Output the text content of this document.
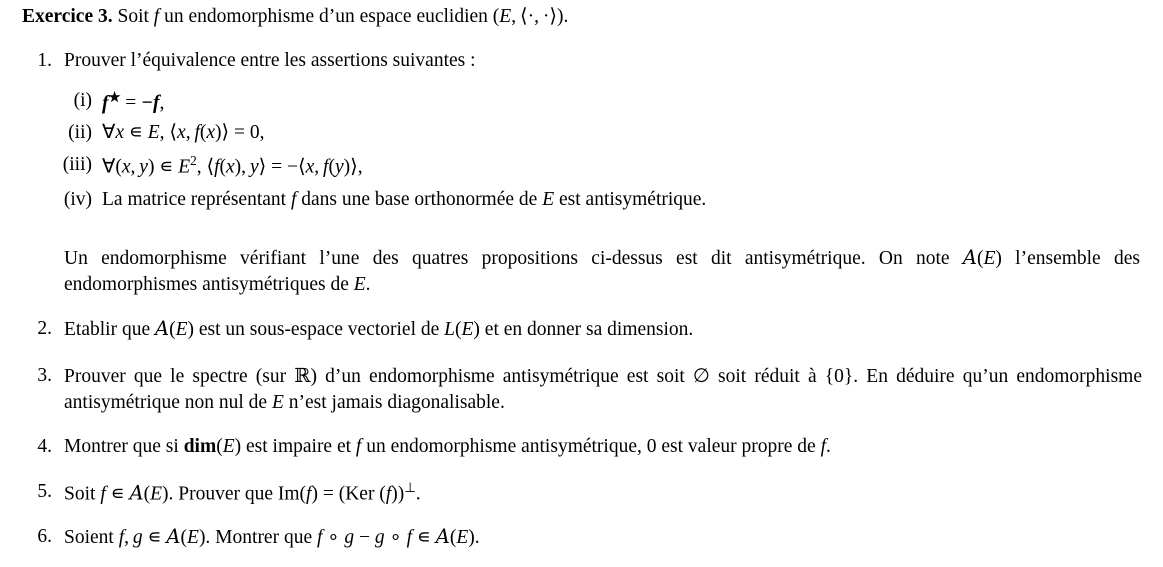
Exercice 3. Soit f un endomorphisme d’un espace euclidien (E, ⟨·, ·⟩).
1. Prouver l’équivalence entre les assertions suivantes :
(i) f★ = −f,
(ii) ∀x ∊ E, ⟨x, f(x)⟩ = 0,
(iii) ∀(x, y) ∊ $E^2$, ⟨f(x), y⟩ = −⟨x, f(y)⟩,
(iv) La matrice représentant f dans une base orthonormée de E est antisymétrique.
Un endomorphisme vérifiant l’une des quatres propositions ci-dessus est dit antisymétrique. On note A(E) l’ensemble des endomorphismes antisymétriques de E.
2. Etablir que A(E) est un sous-espace vectoriel de L(E) et en donner sa dimension.
3. Prouver que le spectre (sur ℝ) d’un endomorphisme antisymétrique est soit ∅ soit réduit à {0}. En déduire qu’un endomorphisme antisymétrique non nul de E n’est jamais diagonalisable.
4. Montrer que si dim(E) est impaire et f un endomorphisme antisymétrique, 0 est valeur propre de f.
5. Soit f ∊ A(E). Prouver que Im(f) = (Ker (f))⊥.
6. Soient f, g ∊ A(E). Montrer que f ∘ g − g ∘ f ∊ A(E).
